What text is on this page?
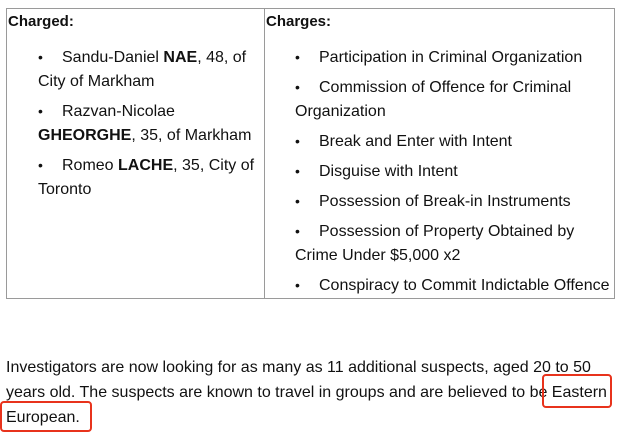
Charged:

• Sandu-Daniel NAE, 48, of City of Markham
• Razvan-Nicolae GHEORGHE, 35, of Markham
• Romeo LACHE, 35, City of Toronto

Charges:

• Participation in Criminal Organization
• Commission of Offence for Criminal Organization
• Break and Enter with Intent
• Disguise with Intent
• Possession of Break-in Instruments
• Possession of Property Obtained by Crime Under $5,000 x2
• Conspiracy to Commit Indictable Offence

Investigators are now looking for as many as 11 additional suspects, aged 20 to 50 years old. The suspects are known to travel in groups and are believed to be Eastern European.
